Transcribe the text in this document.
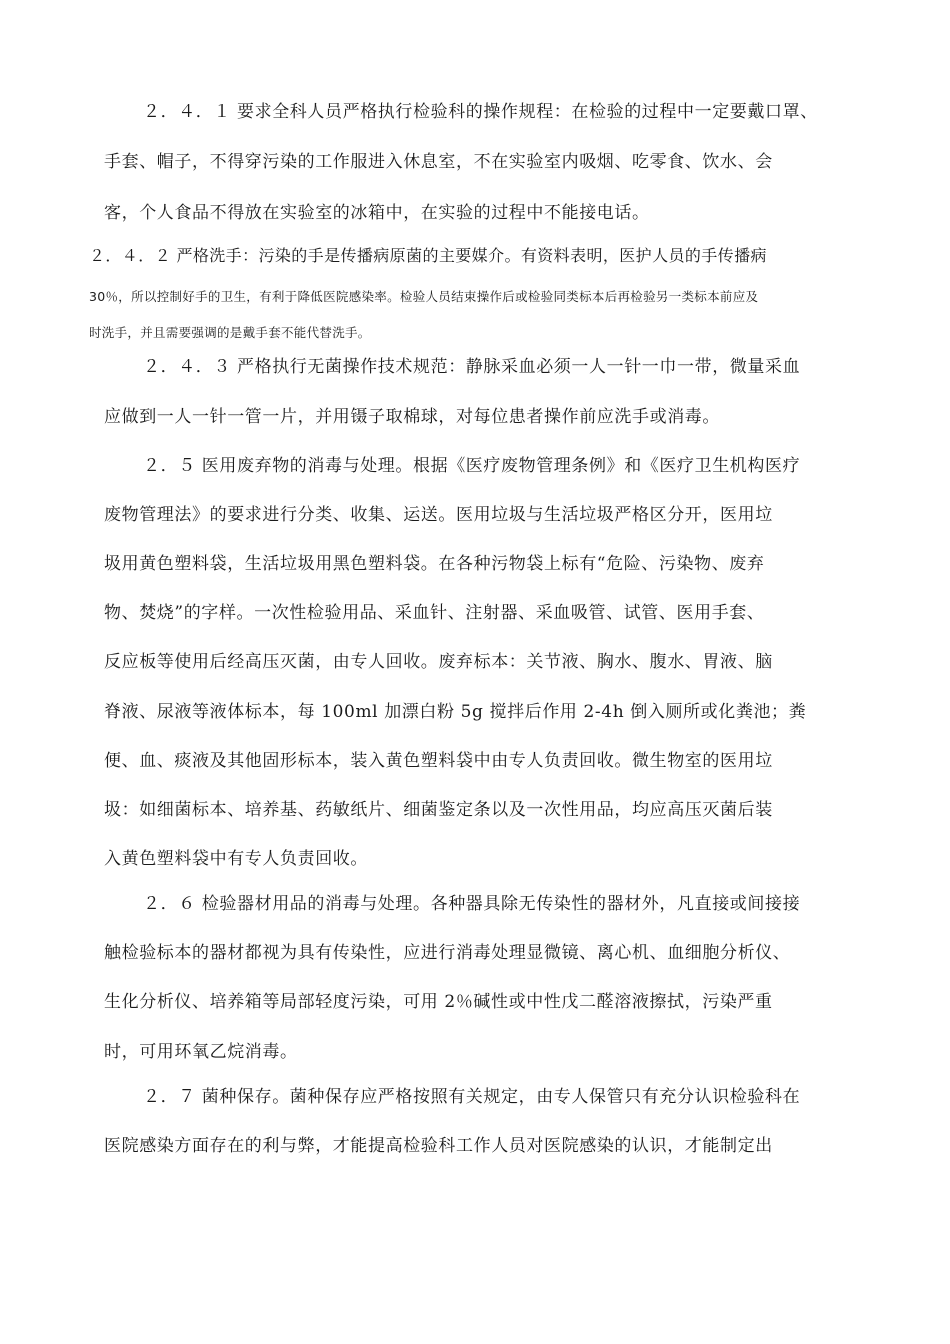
２．４．１ 要求全科人员严格执行检验科的操作规程：在检验的过程中一定要戴口罩、
手套、帽子，不得穿污染的工作服进入休息室，不在实验室内吸烟、吃零食、饮水、会
客，个人食品不得放在实验室的冰箱中，在实验的过程中不能接电话。
２．４．２ 严格洗手：污染的手是传播病原菌的主要媒介。有资料表明，医护人员的手传播病
30％，所以控制好手的卫生，有利于降低医院感染率。检验人员结束操作后或检验同类标本后再检验另一类标本前应及
时洗手，并且需要强调的是戴手套不能代替洗手。
２．４．３ 严格执行无菌操作技术规范：静脉采血必须一人一针一巾一带，微量采血
应做到一人一针一管一片，并用镊子取棉球，对每位患者操作前应洗手或消毒。
２．５ 医用废弃物的消毒与处理。根据《医疗废物管理条例》和《医疗卫生机构医疗
废物管理法》的要求进行分类、收集、运送。医用垃圾与生活垃圾严格区分开，医用垃
圾用黄色塑料袋，生活垃圾用黑色塑料袋。在各种污物袋上标有“危险、污染物、废弃
物、焚烧”的字样。一次性检验用品、采血针、注射器、采血吸管、试管、医用手套、
反应板等使用后经高压灭菌，由专人回收。废弃标本：关节液、胸水、腹水、胃液、脑
脊液、尿液等液体标本，每 100ml 加漂白粉 5g 搅拌后作用 2-4h 倒入厕所或化粪池；粪
便、血、痰液及其他固形标本，装入黄色塑料袋中由专人负责回收。微生物室的医用垃
圾：如细菌标本、培养基、药敏纸片、细菌鉴定条以及一次性用品，均应高压灭菌后装
入黄色塑料袋中有专人负责回收。
２．６ 检验器材用品的消毒与处理。各种器具除无传染性的器材外，凡直接或间接接
触检验标本的器材都视为具有传染性，应进行消毒处理显微镜、离心机、血细胞分析仪、
生化分析仪、培养箱等局部轻度污染，可用 2％碱性或中性戊二醛溶液擦拭，污染严重
时，可用环氧乙烷消毒。
２．７ 菌种保存。菌种保存应严格按照有关规定，由专人保管只有充分认识检验科在
医院感染方面存在的利与弊，才能提高检验科工作人员对医院感染的认识，才能制定出
